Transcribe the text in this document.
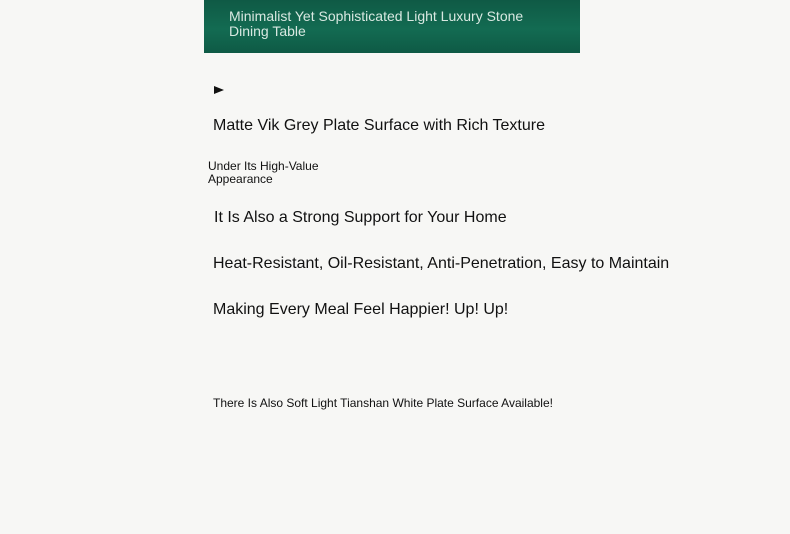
Minimalist Yet Sophisticated Light Luxury Stone Dining Table
Matte Vik Grey Plate Surface with Rich Texture
Under Its High-Value Appearance
It Is Also a Strong Support for Your Home
Heat-Resistant, Oil-Resistant, Anti-Penetration, Easy to Maintain
Making Every Meal Feel Happier! Up! Up!
There Is Also Soft Light Tianshan White Plate Surface Available!
